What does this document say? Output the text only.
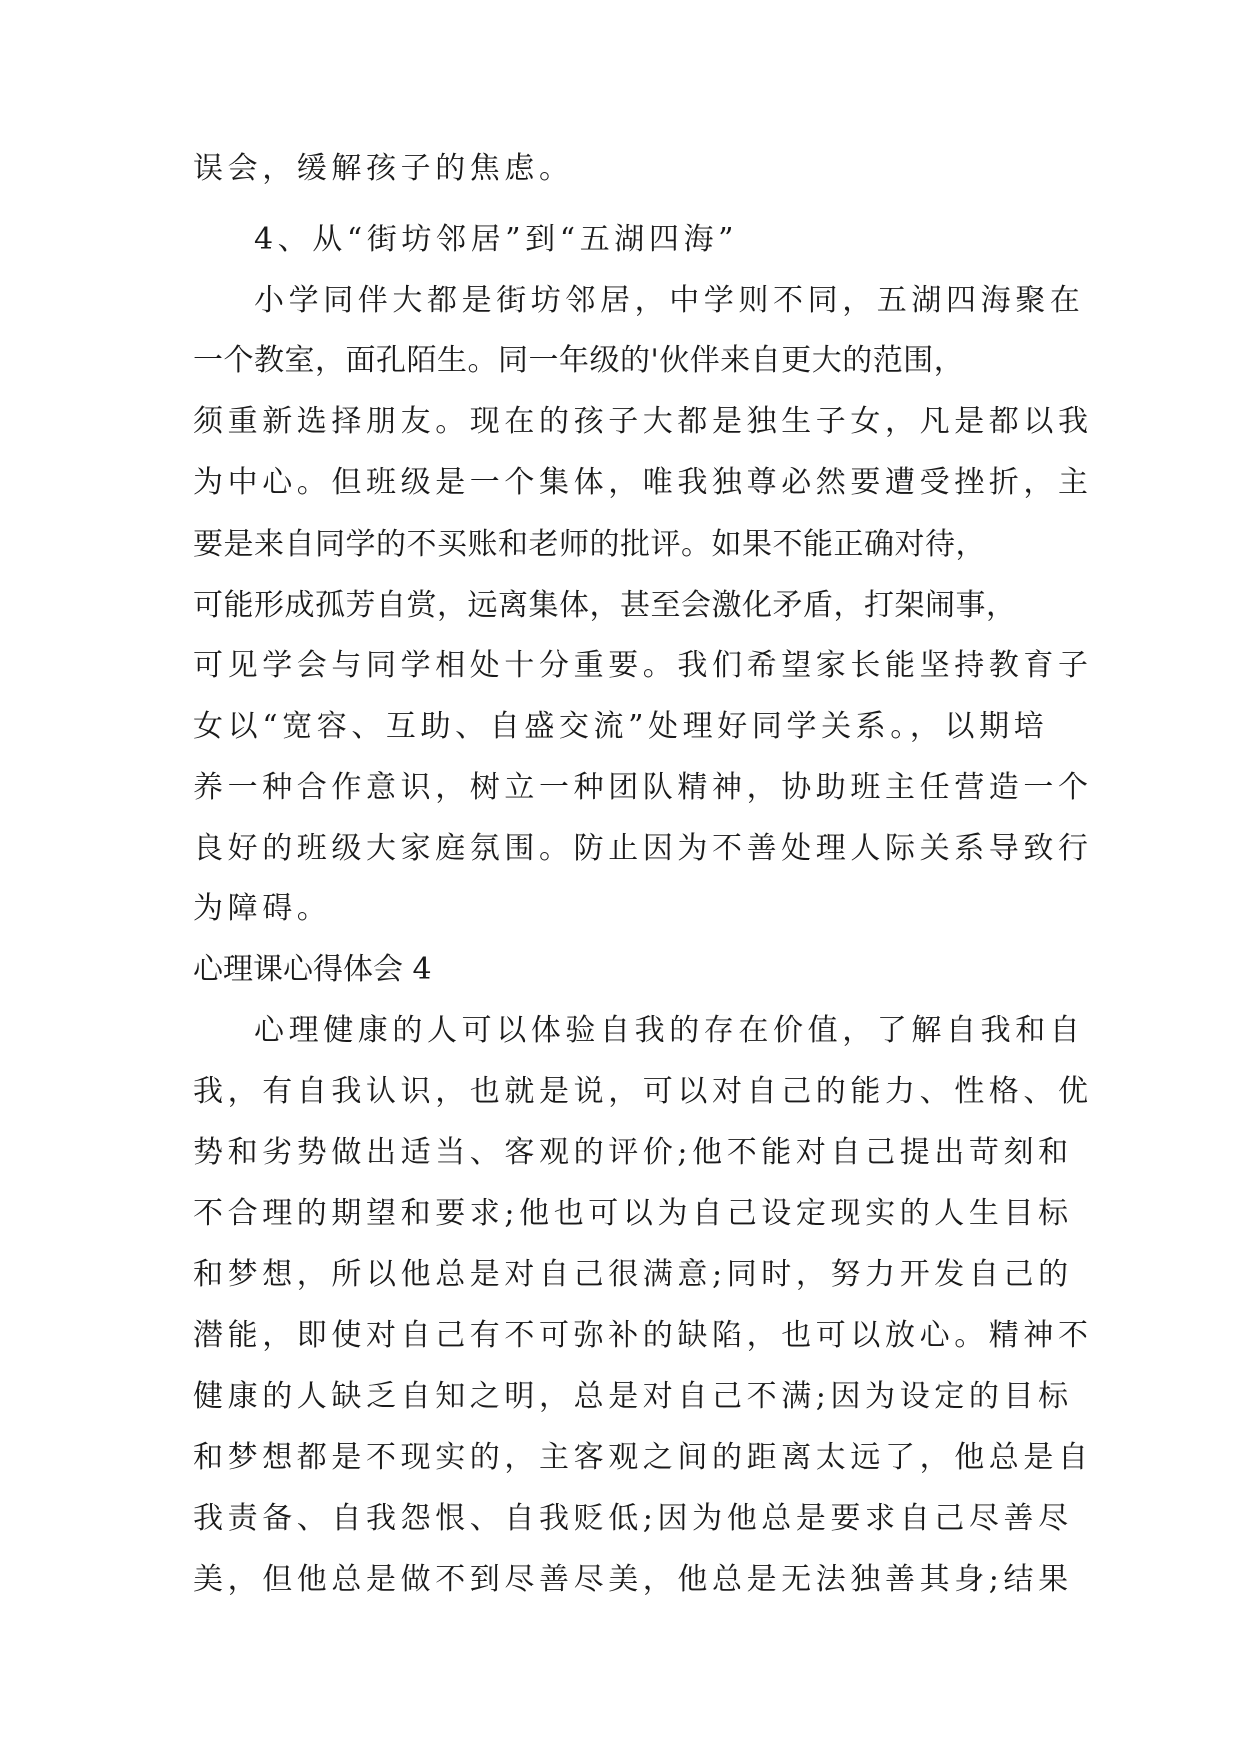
误会，缓解孩子的焦虑。
4、从“街坊邻居”到“五湖四海”
小学同伴大都是街坊邻居，中学则不同，五湖四海聚在
一个教室，面孔陌生。同一年级的'伙伴来自更大的范围，
须重新选择朋友。现在的孩子大都是独生子女，凡是都以我
为中心。但班级是一个集体，唯我独尊必然要遭受挫折，主
要是来自同学的不买账和老师的批评。如果不能正确对待，
可能形成孤芳自赏，远离集体，甚至会激化矛盾，打架闹事，
可见学会与同学相处十分重要。我们希望家长能坚持教育子
女以“宽容、互助、自盛交流”处理好同学关系。，以期培
养一种合作意识，树立一种团队精神，协助班主任营造一个
良好的班级大家庭氛围。防止因为不善处理人际关系导致行
为障碍。
心理课心得体会 4
心理健康的人可以体验自我的存在价值，了解自我和自
我，有自我认识，也就是说，可以对自己的能力、性格、优
势和劣势做出适当、客观的评价;他不能对自己提出苛刻和
不合理的期望和要求;他也可以为自己设定现实的人生目标
和梦想，所以他总是对自己很满意;同时，努力开发自己的
潜能，即使对自己有不可弥补的缺陷，也可以放心。精神不
健康的人缺乏自知之明，总是对自己不满;因为设定的目标
和梦想都是不现实的，主客观之间的距离太远了，他总是自
我责备、自我怨恨、自我贬低;因为他总是要求自己尽善尽
美，但他总是做不到尽善尽美，他总是无法独善其身;结果
